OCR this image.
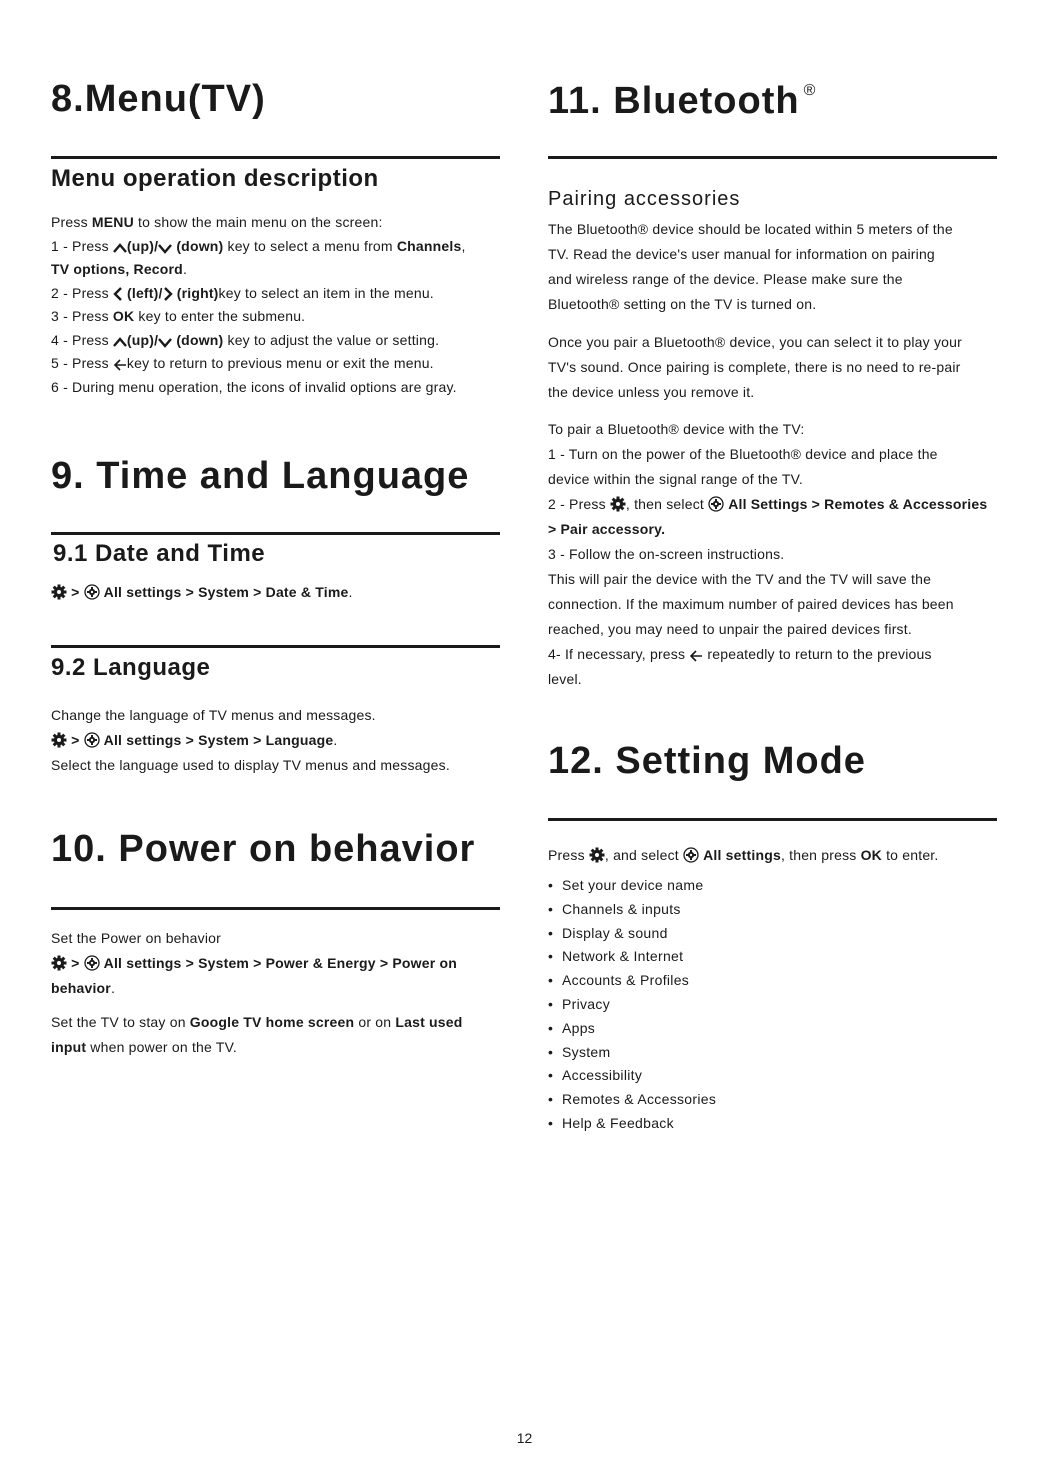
8.Menu(TV)
Menu operation description
Press MENU to show the main menu on the screen:
1 - Press
(up)/
(down) key to select a menu from Channels,
TV options, Record.
2 - Press
(left)/
(right)key to select an item in the menu.
3 - Press OK key to enter the submenu.
4 - Press
(up)/
(down) key to adjust the value or setting.
5 - Press
key to return to previous menu or exit the menu.
6 - During menu operation, the icons of invalid options are gray.
9. Time and Language
9.1 Date and Time
>
All settings > System > Date & Time.
9.2 Language
Change the language of TV menus and messages.
>
All settings > System > Language.
Select the language used to display TV menus and messages.
10. Power on behavior
Set the Power on behavior
>
All settings > System > Power & Energy > Power on
behavior.
Set the TV to stay on Google TV home screen or on Last used
input when power on the TV.
11. Bluetooth ®
Pairing accessories
The Bluetooth® device should be located within 5 meters of the
TV. Read the device's user manual for information on pairing
and wireless range of the device. Please make sure the
Bluetooth® setting on the TV is turned on.
Once you pair a Bluetooth® device, you can select it to play your
TV's sound. Once pairing is complete, there is no need to re-pair
the device unless you remove it.
To pair a Bluetooth® device with the TV:
1 - Turn on the power of the Bluetooth® device and place the
device within the signal range of the TV.
2 - Press
, then select
All Settings > Remotes & Accessories
> Pair accessory.
3 - Follow the on-screen instructions.
This will pair the device with the TV and the TV will save the
connection. If the maximum number of paired devices has been
reached, you may need to unpair the paired devices first.
4- If necessary, press
repeatedly to return to the previous
level.
12. Setting Mode
Press
, and select
All settings, then press OK to enter.
• Set your device name
• Channels & inputs
• Display & sound
• Network & Internet
• Accounts & Profiles
• Privacy
• Apps
• System
• Accessibility
• Remotes & Accessories
• Help & Feedback
12
